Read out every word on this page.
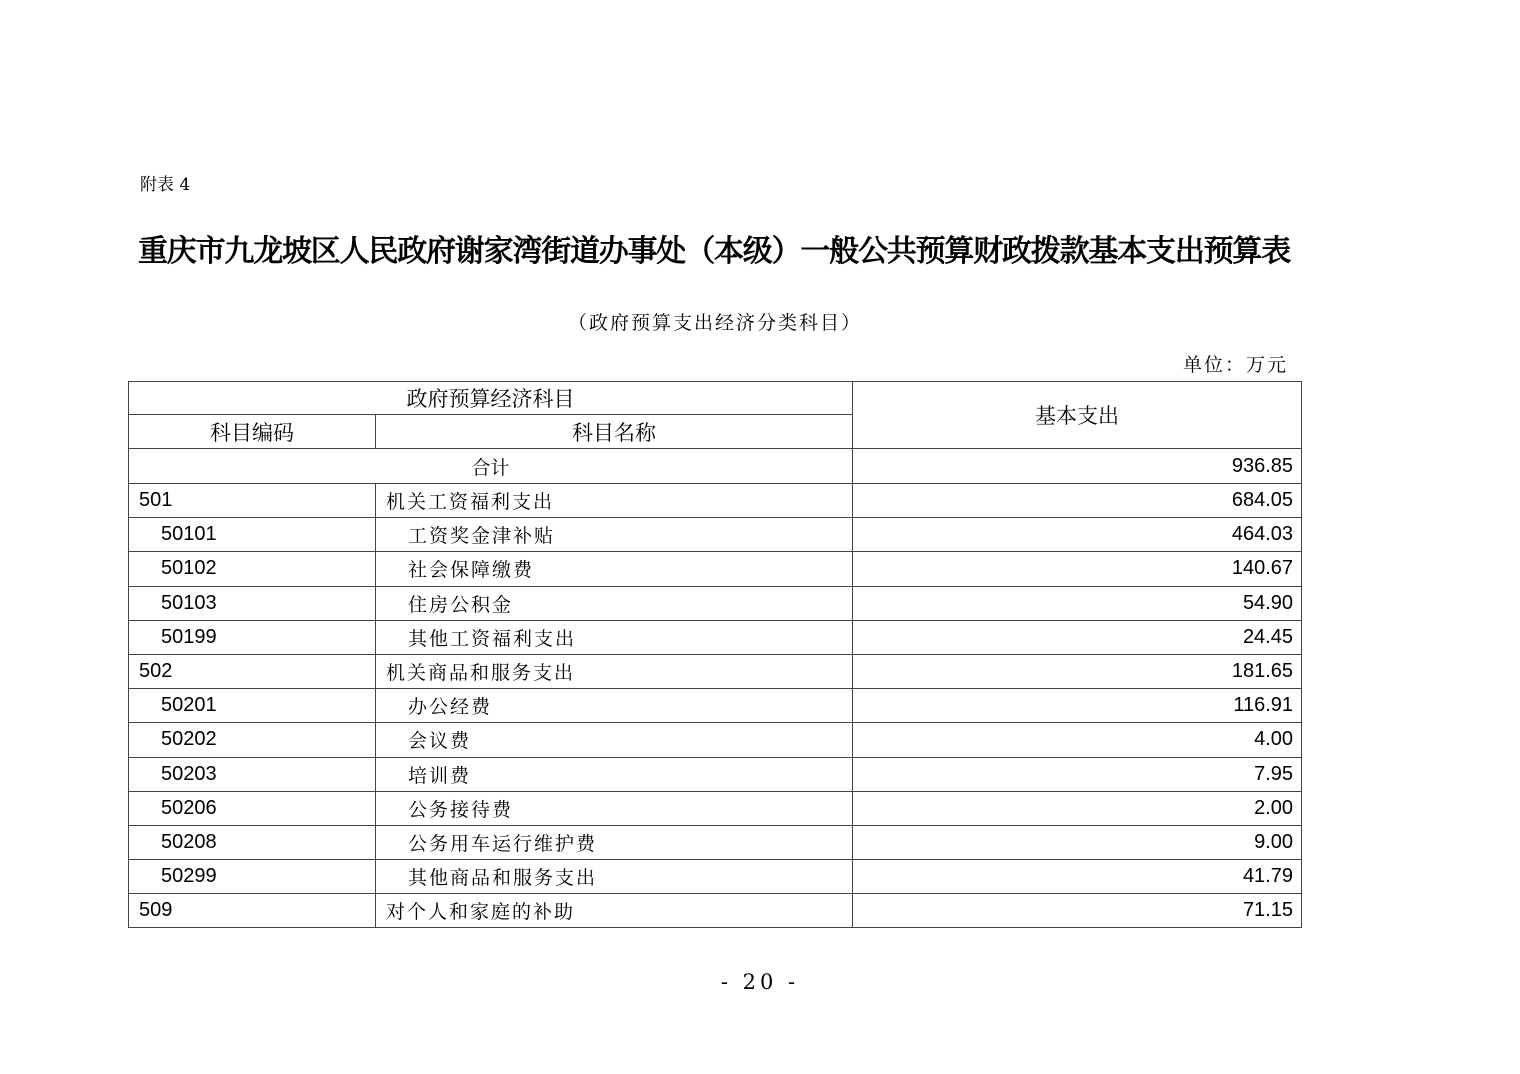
附表 4
重庆市九龙坡区人民政府谢家湾街道办事处（本级）一般公共预算财政拨款基本支出预算表
（政府预算支出经济分类科目）
单位：万元
政府预算经济科目		基本支出
科目编码	科目名称	
合计		936.85
501	机关工资福利支出	684.05
50101	工资奖金津补贴	464.03
50102	社会保障缴费	140.67
50103	住房公积金	54.90
50199	其他工资福利支出	24.45
502	机关商品和服务支出	181.65
50201	办公经费	116.91
50202	会议费	4.00
50203	培训费	7.95
50206	公务接待费	2.00
50208	公务用车运行维护费	9.00
50299	其他商品和服务支出	41.79
509	对个人和家庭的补助	71.15
- 20 -
